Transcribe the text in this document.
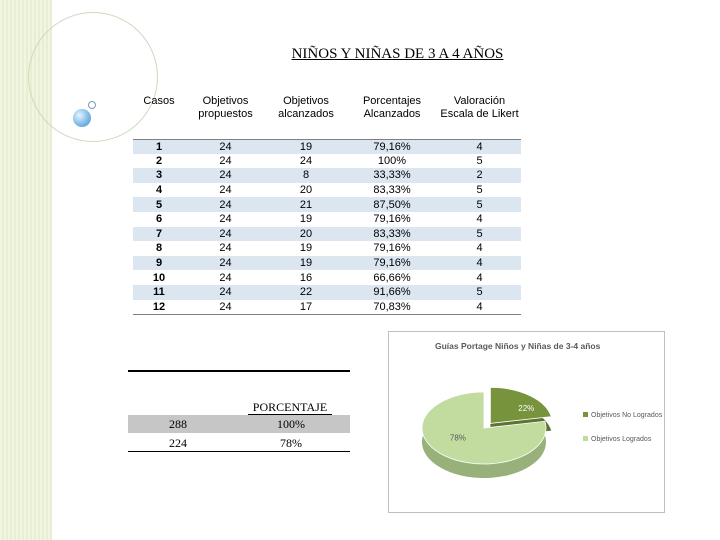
NIÑOS Y NIÑAS DE 3 A 4 AÑOS
Casos	Objetivos propuestos	Objetivos alcanzados	Porcentajes Alcanzados	Valoración Escala de Likert
1	24	19	79,16%	4
2	24	24	100%	5
3	24	8	33,33%	2
4	24	20	83,33%	5
5	24	21	87,50%	5
6	24	19	79,16%	4
7	24	20	83,33%	5
8	24	19	79,16%	4
9	24	19	79,16%	4
10	24	16	66,66%	4
11	24	22	91,66%	5
12	24	17	70,83%	4
PORCENTAJE
288	100%
224	78%
Guías Portage Niños y Niñas de 3-4 años
22%
78%
Objetivos No Logrados
Objetivos Logrados
